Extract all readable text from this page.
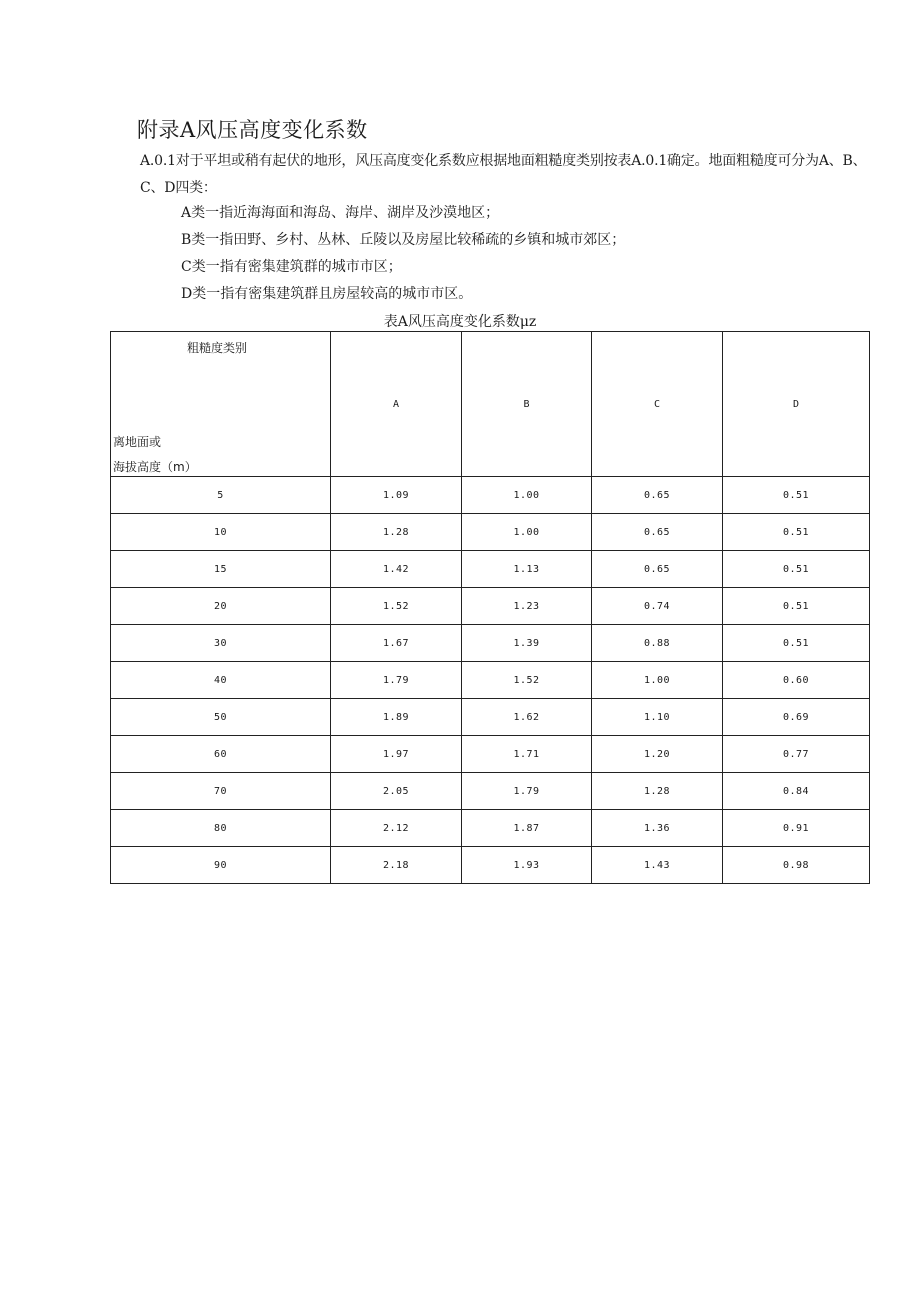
附录A风压高度变化系数
A.0.1对于平坦或稍有起伏的地形，风压高度变化系数应根据地面粗糙度类别按表A.0.1确定。地面粗糙度可分为A、B、C、D四类：
A类一指近海海面和海岛、海岸、湖岸及沙漠地区；
B类一指田野、乡村、丛林、丘陵以及房屋比较稀疏的乡镇和城市郊区；
C类一指有密集建筑群的城市市区；
D类一指有密集建筑群且房屋较高的城市市区。
表A风压高度变化系数μz
粗糙度类别
离地面或
海拔高度（m）	A	B	C	D
5	1.09	1.00	0.65	0.51
10	1.28	1.00	0.65	0.51
15	1.42	1.13	0.65	0.51
20	1.52	1.23	0.74	0.51
30	1.67	1.39	0.88	0.51
40	1.79	1.52	1.00	0.60
50	1.89	1.62	1.10	0.69
60	1.97	1.71	1.20	0.77
70	2.05	1.79	1.28	0.84
80	2.12	1.87	1.36	0.91
90	2.18	1.93	1.43	0.98
